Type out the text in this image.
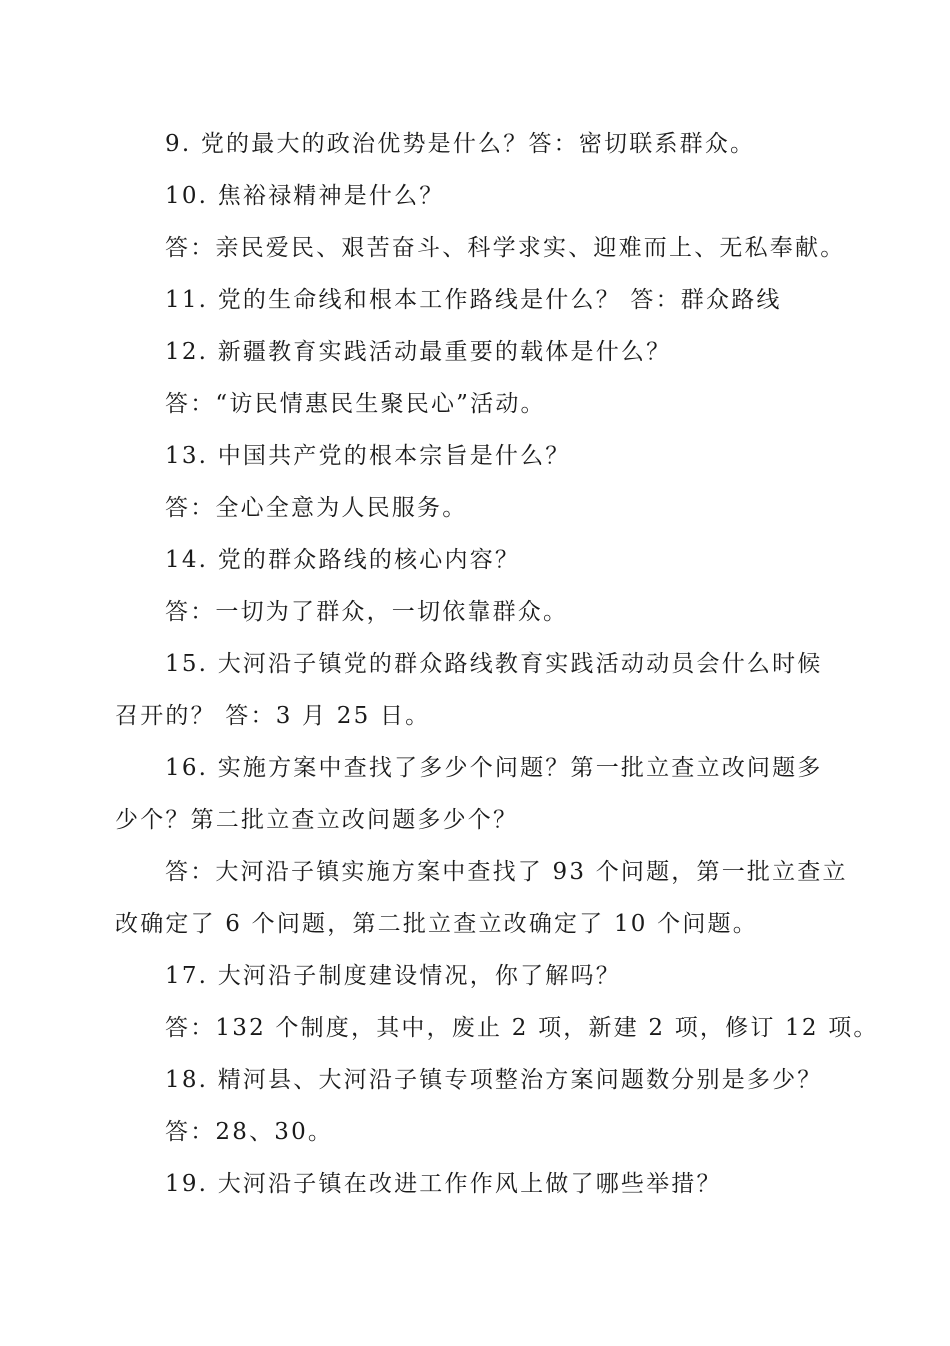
9. 党的最大的政治优势是什么？答：密切联系群众。
10. 焦裕禄精神是什么？
答：亲民爱民、艰苦奋斗、科学求实、迎难而上、无私奉献。
11. 党的生命线和根本工作路线是什么？ 答：群众路线
12. 新疆教育实践活动最重要的载体是什么？
答：“访民情惠民生聚民心”活动。
13. 中国共产党的根本宗旨是什么？
答：全心全意为人民服务。
14. 党的群众路线的核心内容？
答：一切为了群众，一切依靠群众。
15. 大河沿子镇党的群众路线教育实践活动动员会什么时候
召开的？ 答：3 月 25 日。
16. 实施方案中查找了多少个问题？第一批立查立改问题多
少个？第二批立查立改问题多少个？
答：大河沿子镇实施方案中查找了 93 个问题，第一批立查立
改确定了 6 个问题，第二批立查立改确定了 10 个问题。
17. 大河沿子制度建设情况，你了解吗？
答：132 个制度，其中，废止 2 项，新建 2 项，修订 12 项。
18. 精河县、大河沿子镇专项整治方案问题数分别是多少？
答：28、30。
19. 大河沿子镇在改进工作作风上做了哪些举措？
